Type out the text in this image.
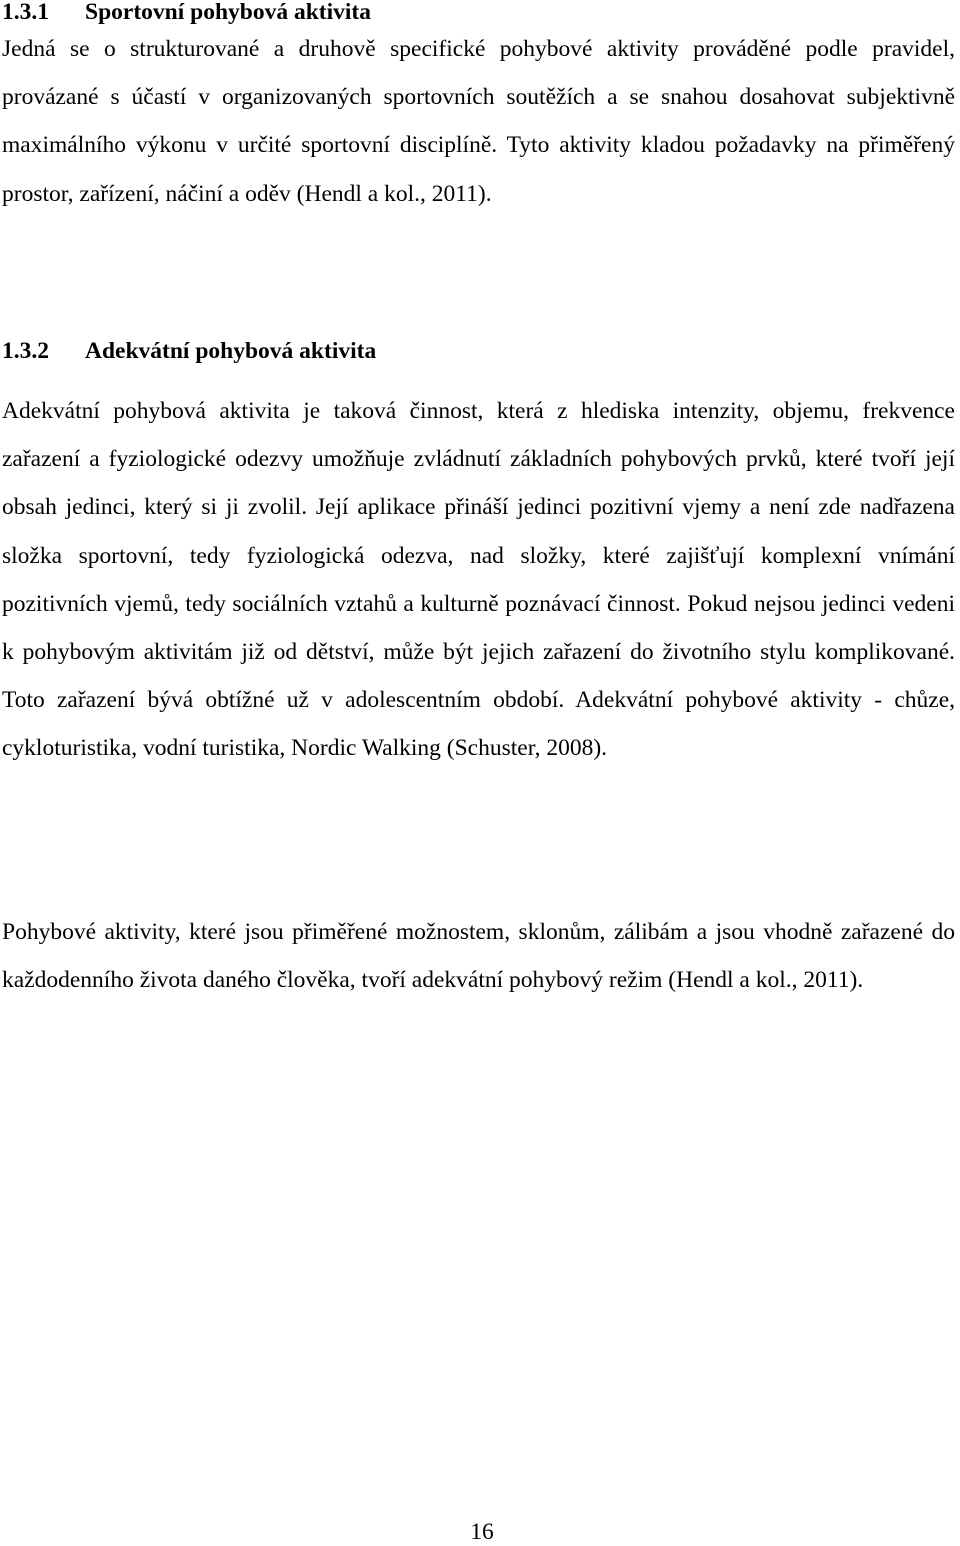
1.3.1 Sportovní pohybová aktivita

Jedná se o strukturované a druhově specifické pohybové aktivity prováděné podle pravidel, provázané s účastí v organizovaných sportovních soutěžích a se snahou dosahovat subjektivně maximálního výkonu v určité sportovní disciplíně. Tyto aktivity kladou požadavky na přiměřený prostor, zařízení, náčiní a oděv (Hendl a kol., 2011).

1.3.2 Adekvátní pohybová aktivita

Adekvátní pohybová aktivita je taková činnost, která z hlediska intenzity, objemu, frekvence zařazení a fyziologické odezvy umožňuje zvládnutí základních pohybových prvků, které tvoří její obsah jedinci, který si ji zvolil. Její aplikace přináší jedinci pozitivní vjemy a není zde nadřazena složka sportovní, tedy fyziologická odezva, nad složky, které zajišťují komplexní vnímání pozitivních vjemů, tedy sociálních vztahů a kulturně poznávací činnost. Pokud nejsou jedinci vedeni k pohybovým aktivitám již od dětství, může být jejich zařazení do životního stylu komplikované. Toto zařazení bývá obtížné už v adolescentním období. Adekvátní pohybové aktivity - chůze, cykloturistika, vodní turistika, Nordic Walking (Schuster, 2008).

Pohybové aktivity, které jsou přiměřené možnostem, sklonům, zálibám a jsou vhodně zařazené do každodenního života daného člověka, tvoří adekvátní pohybový režim (Hendl a kol., 2011).

16
